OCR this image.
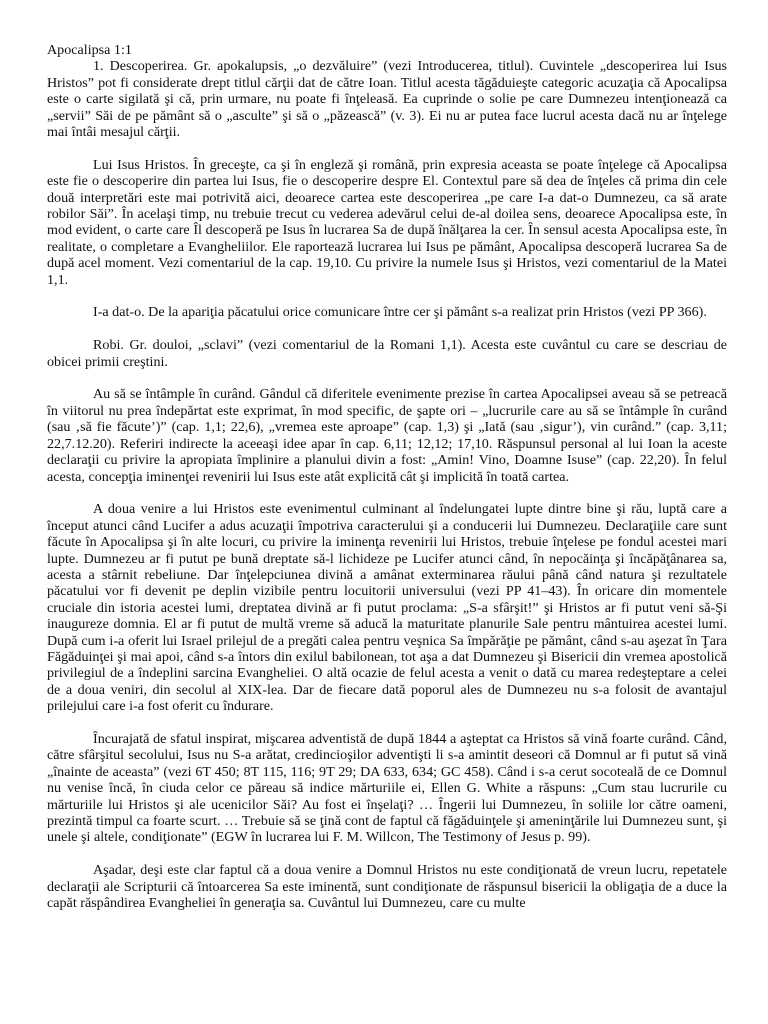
Apocalipsa 1:1

1. Descoperirea. Gr. apokalupsis, „o dezvăluire” (vezi Introducerea, titlul). Cuvintele „descoperirea lui Isus Hristos” pot fi considerate drept titlul cărţii dat de către Ioan. Titlul acesta tăgăduieşte categoric acuzaţia că Apocalipsa este o carte sigilată şi că, prin urmare, nu poate fi înţeleasă. Ea cuprinde o solie pe care Dumnezeu intenţionează ca „servii” Săi de pe pământ să o „asculte” şi să o „păzească” (v. 3). Ei nu ar putea face lucrul acesta dacă nu ar înţelege mai întâi mesajul cărţii.

Lui Isus Hristos. În greceşte, ca şi în engleză şi română, prin expresia aceasta se poate înţelege că Apocalipsa este fie o descoperire din partea lui Isus, fie o descoperire despre El. Contextul pare să dea de înţeles că prima din cele două interpretări este mai potrivită aici, deoarece cartea este descoperirea „pe care I-a dat-o Dumnezeu, ca să arate robilor Săi”. În acelaşi timp, nu trebuie trecut cu vederea adevărul celui de-al doilea sens, deoarece Apocalipsa este, în mod evident, o carte care Îl descoperă pe Isus în lucrarea Sa de după înălţarea la cer. În sensul acesta Apocalipsa este, în realitate, o completare a Evangheliilor. Ele raportează lucrarea lui Isus pe pământ, Apocalipsa descoperă lucrarea Sa de după acel moment. Vezi comentariul de la cap. 19,10. Cu privire la numele Isus şi Hristos, vezi comentariul de la Matei 1,1.

I-a dat-o. De la apariţia păcatului orice comunicare între cer şi pământ s-a realizat prin Hristos (vezi PP 366).

Robi. Gr. douloi, „sclavi” (vezi comentariul de la Romani 1,1). Acesta este cuvântul cu care se descriau de obicei primii creştini.

Au să se întâmple în curând. Gândul că diferitele evenimente prezise în cartea Apocalipsei aveau să se petreacă în viitorul nu prea îndepărtat este exprimat, în mod specific, de şapte ori – „lucrurile care au să se întâmple în curând (sau ‚să fie făcute’)” (cap. 1,1; 22,6), „vremea este aproape” (cap. 1,3) şi „Iată (sau ‚sigur’), vin curând.” (cap. 3,11; 22,7.12.20). Referiri indirecte la aceeaşi idee apar în cap. 6,11; 12,12; 17,10. Răspunsul personal al lui Ioan la aceste declaraţii cu privire la apropiata împlinire a planului divin a fost: „Amin! Vino, Doamne Isuse” (cap. 22,20). În felul acesta, concepţia iminenţei revenirii lui Isus este atât explicită cât şi implicită în toată cartea.

A doua venire a lui Hristos este evenimentul culminant al îndelungatei lupte dintre bine şi rău, luptă care a început atunci când Lucifer a adus acuzaţii împotriva caracterului şi a conducerii lui Dumnezeu. Declaraţiile care sunt făcute în Apocalipsa şi în alte locuri, cu privire la iminenţa revenirii lui Hristos, trebuie înţelese pe fondul acestei mari lupte. Dumnezeu ar fi putut pe bună dreptate să-l lichideze pe Lucifer atunci când, în nepocăinţa şi încăpăţânarea sa, acesta a stârnit rebeliune. Dar înţelepciunea divină a amânat exterminarea răului până când natura şi rezultatele păcatului vor fi devenit pe deplin vizibile pentru locuitorii universului (vezi PP 41–43). În oricare din momentele cruciale din istoria acestei lumi, dreptatea divină ar fi putut proclama: „S-a sfârşit!” şi Hristos ar fi putut veni să-Şi inaugureze domnia. El ar fi putut de multă vreme să aducă la maturitate planurile Sale pentru mântuirea acestei lumi. După cum i-a oferit lui Israel prilejul de a pregăti calea pentru veşnica Sa împărăţie pe pământ, când s-au aşezat în Ţara Făgăduinţei şi mai apoi, când s-a întors din exilul babilonean, tot aşa a dat Dumnezeu şi Bisericii din vremea apostolică privilegiul de a îndeplini sarcina Evangheliei. O altă ocazie de felul acesta a venit o dată cu marea redeşteptare a celei de a doua veniri, din secolul al XIX-lea. Dar de fiecare dată poporul ales de Dumnezeu nu s-a folosit de avantajul prilejului care i-a fost oferit cu îndurare.

Încurajată de sfatul inspirat, mişcarea adventistă de după 1844 a aşteptat ca Hristos să vină foarte curând. Când, către sfârşitul secolului, Isus nu S-a arătat, credincioşilor adventişti li s-a amintit deseori că Domnul ar fi putut să vină „înainte de aceasta” (vezi 6T 450; 8T 115, 116; 9T 29; DA 633, 634; GC 458). Când i s-a cerut socoteală de ce Domnul nu venise încă, în ciuda celor ce păreau să indice mărturiile ei, Ellen G. White a răspuns: „Cum stau lucrurile cu mărturiile lui Hristos şi ale ucenicilor Săi? Au fost ei înşelaţi? … Îngerii lui Dumnezeu, în soliile lor către oameni, prezintă timpul ca foarte scurt. … Trebuie să se ţină cont de faptul că făgăduinţele şi ameninţările lui Dumnezeu sunt, şi unele şi altele, condiţionate” (EGW în lucrarea lui F. M. Willcon, The Testimony of Jesus p. 99).

Aşadar, deşi este clar faptul că a doua venire a Domnul Hristos nu este condiţionată de vreun lucru, repetatele declaraţii ale Scripturii că întoarcerea Sa este iminentă, sunt condiţionate de răspunsul bisericii la obligaţia de a duce la capăt răspândirea Evangheliei în generaţia sa. Cuvântul lui Dumnezeu, care cu multe
